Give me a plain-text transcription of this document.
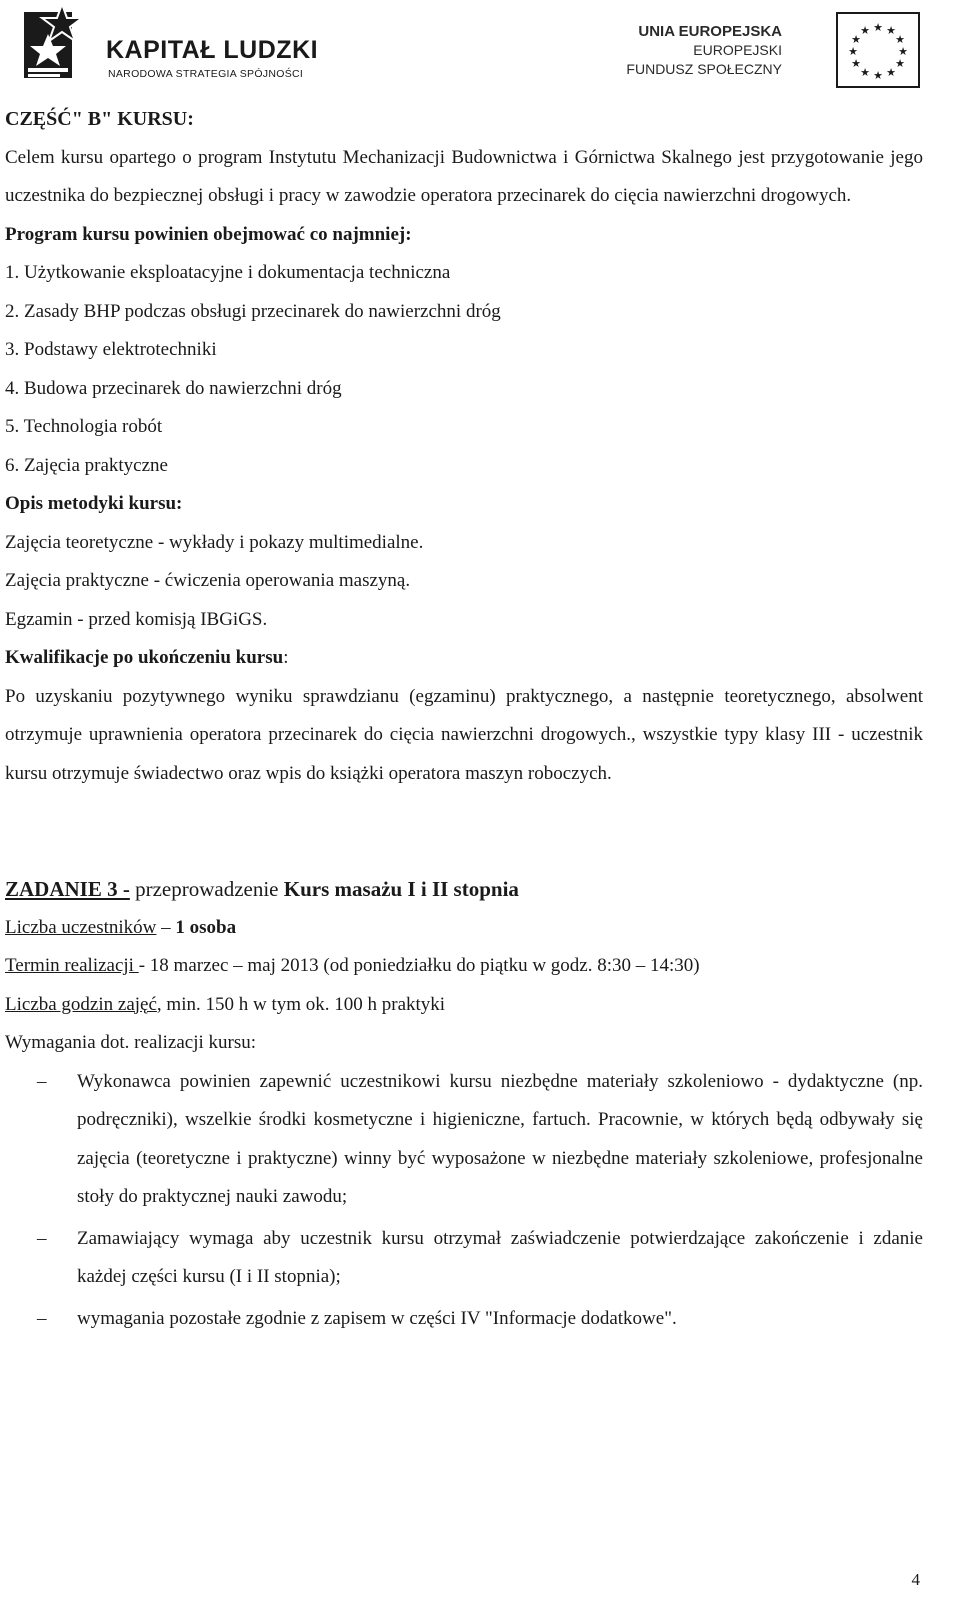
KAPITAŁ LUDZKI
NARODOWA STRATEGIA SPÓJNOŚCI
UNIA EUROPEJSKA
EUROPEJSKI
FUNDUSZ SPOŁECZNY
★ ★
★
★
★
★
★
★
★
★
★
★

CZĘŚĆ" B" KURSU:

Celem kursu opartego o program Instytutu Mechanizacji Budownictwa i Górnictwa Skalnego jest przygotowanie jego uczestnika do bezpiecznej obsługi i pracy w zawodzie operatora przecinarek do cięcia nawierzchni drogowych.

Program kursu powinien obejmować co najmniej:

1. Użytkowanie eksploatacyjne i dokumentacja techniczna

2. Zasady BHP podczas obsługi przecinarek do nawierzchni dróg

3. Podstawy elektrotechniki

4. Budowa przecinarek do nawierzchni dróg

5. Technologia robót

6. Zajęcia praktyczne

Opis metodyki kursu:

Zajęcia teoretyczne - wykłady i pokazy multimedialne.

Zajęcia praktyczne - ćwiczenia operowania maszyną.

Egzamin - przed komisją IBGiGS.

Kwalifikacje po ukończeniu kursu:

Po uzyskaniu pozytywnego wyniku sprawdzianu (egzaminu) praktycznego, a następnie teoretycznego, absolwent otrzymuje uprawnienia operatora przecinarek do cięcia nawierzchni drogowych., wszystkie typy klasy III - uczestnik kursu otrzymuje świadectwo oraz wpis do książki operatora maszyn roboczych.

ZADANIE 3 - przeprowadzenie Kurs masażu I i II stopnia

Liczba uczestników – 1 osoba

Termin realizacji - 18 marzec – maj 2013 (od poniedziałku do piątku w godz. 8:30 – 14:30)

Liczba godzin zajęć, min. 150 h w tym ok. 100 h praktyki

Wymagania dot. realizacji kursu:

– Wykonawca powinien zapewnić uczestnikowi kursu niezbędne materiały szkoleniowo - dydaktyczne (np. podręczniki), wszelkie środki kosmetyczne i higieniczne, fartuch. Pracownie, w których będą odbywały się zajęcia (teoretyczne i praktyczne) winny być wyposażone w niezbędne materiały szkoleniowe, profesjonalne stoły do praktycznej nauki zawodu;
– Zamawiający wymaga aby uczestnik kursu otrzymał zaświadczenie potwierdzające zakończenie i zdanie każdej części kursu (I i II stopnia);
– wymagania pozostałe zgodnie z zapisem w części IV "Informacje dodatkowe".
4
